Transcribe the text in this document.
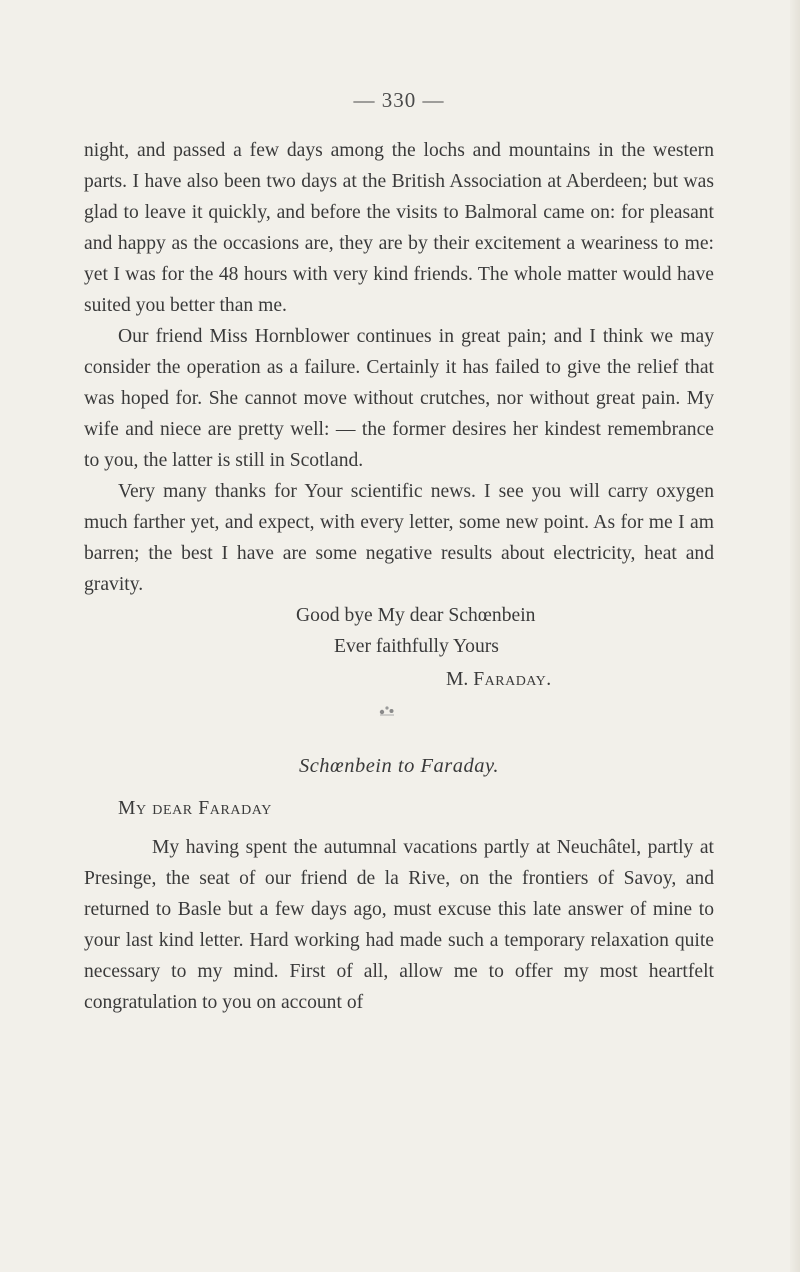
— 330 —

night, and passed a few days among the lochs and mountains in the western parts. I have also been two days at the British Association at Aberdeen; but was glad to leave it quickly, and before the visits to Balmoral came on: for pleasant and happy as the occasions are, they are by their excitement a weariness to me: yet I was for the 48 hours with very kind friends. The whole matter would have suited you better than me.

Our friend Miss Hornblower continues in great pain; and I think we may consider the operation as a failure. Certainly it has failed to give the relief that was hoped for. She cannot move without crutches, nor without great pain. My wife and niece are pretty well: — the former desires her kindest remembrance to you, the latter is still in Scotland.

Very many thanks for Your scientific news. I see you will carry oxygen much farther yet, and expect, with every letter, some new point. As for me I am barren; the best I have are some negative results about electricity, heat and gravity.

Good bye My dear Schœnbein
Ever faithfully Yours
M. Faraday.
Schœnbein to Faraday.
My dear Faraday

My having spent the autumnal vacations partly at Neuchâtel, partly at Presinge, the seat of our friend de la Rive, on the frontiers of Savoy, and returned to Basle but a few days ago, must excuse this late answer of mine to your last kind letter. Hard working had made such a temporary relaxation quite necessary to my mind. First of all, allow me to offer my most heartfelt congratulation to you on account of
